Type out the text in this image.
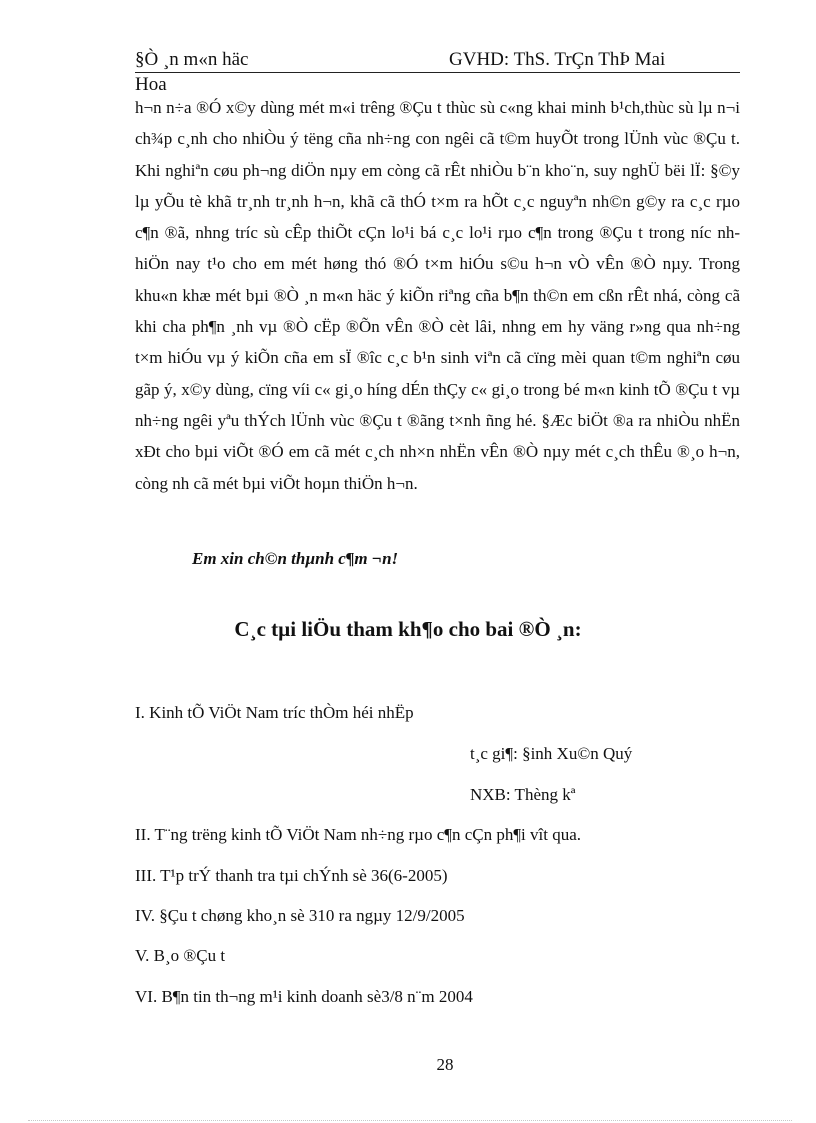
§Ò ¸n m«n häc	GVHD: ThS. TrÇn ThÞ Mai
Hoa

h¬n n÷a ®Ó x©y dùng mét m«i trêng ®Çu t thùc sù c«ng khai minh b¹ch,thùc sù lµ n¬i ch¾p c¸nh cho nhiÒu ý tëng cña nh÷ng con ngêi cã t©m huyÕt trong lÜnh vùc ®Çu t. Khi nghiªn cøu ph¬ng diÖn nµy em còng cã rÊt nhiÒu b¨n kho¨n, suy nghÜ bëi lÏ: §©y lµ yÕu tè khã tr¸nh tr¸nh h¬n, khã cã thÓ t×m ra hÕt c¸c nguyªn nh©n g©y ra c¸c rµo c¶n ®ã, nhng tríc sù cÊp thiÕt cÇn lo¹i bá c¸c lo¹i rµo c¶n trong ®Çu t trong níc nh hiÖn nay t¹o cho em mét høng thó ®Ó t×m hiÓu s©u h¬n vÒ vÊn ®Ò nµy. Trong khu«n khæ mét bµi ®Ò ¸n m«n häc ý kiÕn riªng cña b¶n th©n em cßn rÊt nhá, còng cã khi cha ph¶n ¸nh vµ ®Ò cËp ®Õn vÊn ®Ò cèt lâi, nhng em hy väng r»ng qua nh÷ng t×m hiÓu vµ ý kiÕn cña em sÏ ®îc c¸c b¹n sinh viªn cã cïng mèi quan t©m nghiªn cøu gãp ý, x©y dùng, cïng víi c« gi¸o híng dÉn thÇy c« gi¸o trong bé m«n kinh tÕ ®Çu t vµ nh÷ng ngêi yªu thÝch lÜnh vùc ®Çu t ®ãng t×nh ñng hé. §Æc biÖt ®a ra nhiÒu nhËn xÐt cho bµi viÕt ®Ó em cã mét c¸ch nh×n nhËn vÊn ®Ò nµy mét c¸ch thÊu ®¸o h¬n, còng nh cã mét bµi viÕt hoµn thiÖn h¬n.

Em xin ch©n thµnh c¶m ¬n!

C¸c tµi liÖu tham kh¶o cho bai ®Ò ¸n:

I. Kinh tÕ ViÖt Nam tríc thÒm héi nhËp

t¸c gi¶: §inh Xu©n Quý

NXB: Thèng kª

II. T¨ng trëng kinh tÕ ViÖt Nam nh÷ng rµo c¶n cÇn ph¶i vît qua.

III. T¹p trÝ thanh tra tµi chÝnh sè 36(6-2005)

IV. §Çu t chøng kho¸n sè 310 ra ngµy 12/9/2005

V. B¸o ®Çu t

VI. B¶n tin th¬ng m¹i kinh doanh sè3/8 n¨m 2004

28
